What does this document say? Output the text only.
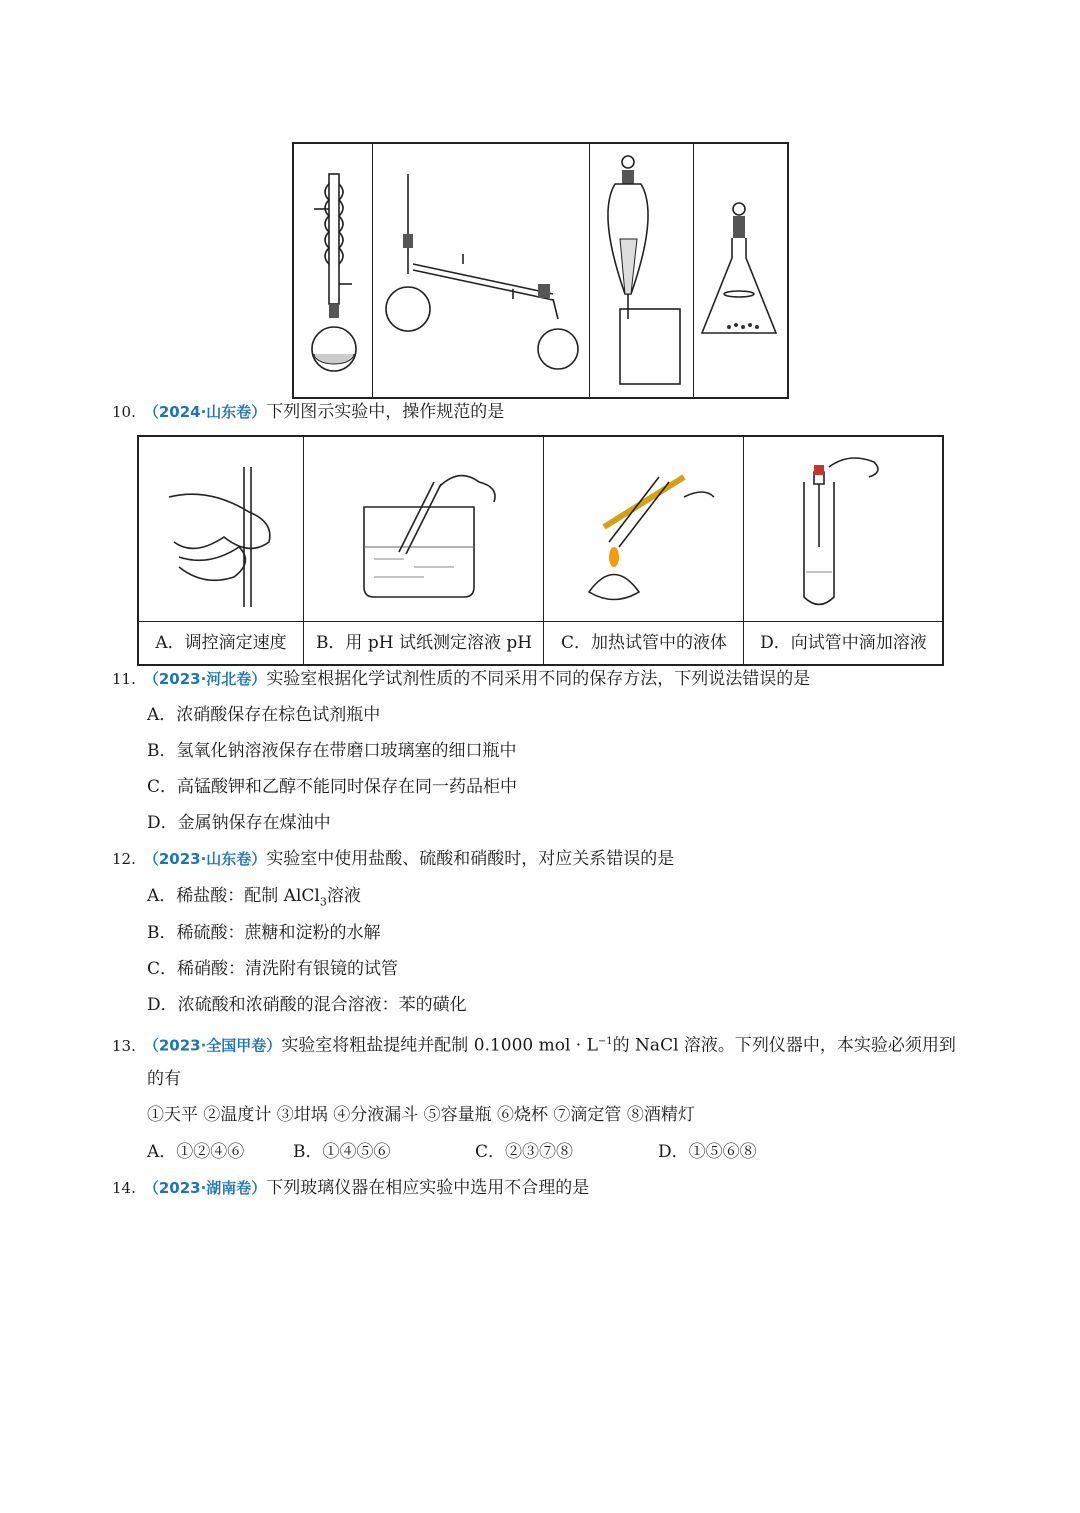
10. （2024·山东卷）下列图示实验中，操作规范的是
A．调控滴定速度	B．用 pH 试纸测定溶液 pH	C．加热试管中的液体	D．向试管中滴加溶液
11. （2023·河北卷）实验室根据化学试剂性质的不同采用不同的保存方法，下列说法错误的是
A．浓硝酸保存在棕色试剂瓶中
B．氢氧化钠溶液保存在带磨口玻璃塞的细口瓶中
C．高锰酸钾和乙醇不能同时保存在同一药品柜中
D．金属钠保存在煤油中
12. （2023·山东卷）实验室中使用盐酸、硫酸和硝酸时，对应关系错误的是
A．稀盐酸：配制 AlCl$_3$溶液
B．稀硫酸：蔗糖和淀粉的水解
C．稀硝酸：清洗附有银镜的试管
D．浓硫酸和浓硝酸的混合溶液：苯的磺化
13. （2023·全国甲卷）实验室将粗盐提纯并配制 0.1000 mol · $L^{-1}$的 NaCl 溶液。下列仪器中，本实验必须用到
的有
①天平 ②温度计 ③坩埚 ④分液漏斗 ⑤容量瓶 ⑥烧杯 ⑦滴定管 ⑧酒精灯
A．①②④⑥	B．①④⑤⑥	C．②③⑦⑧	D．①⑤⑥⑧
14. （2023·湖南卷）下列玻璃仪器在相应实验中选用不合理的是
